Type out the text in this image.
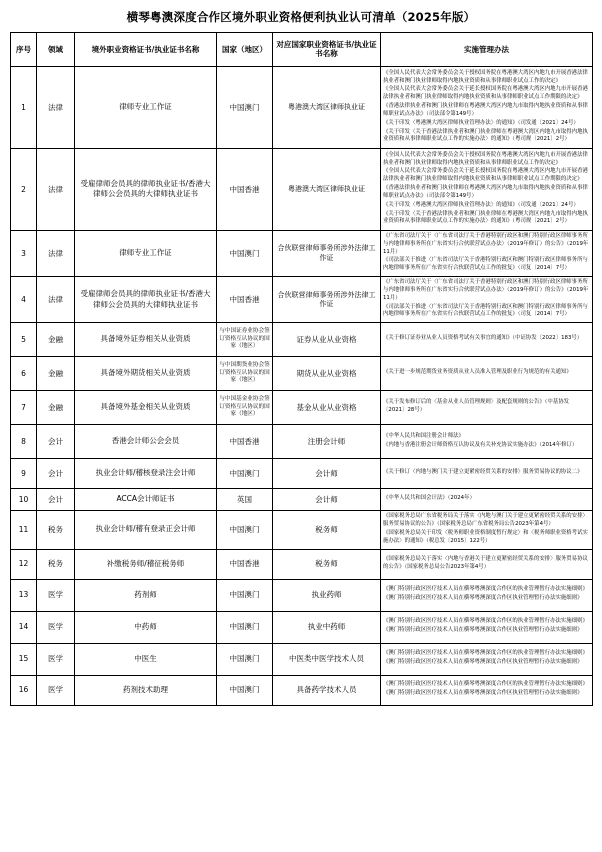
横琴粤澳深度合作区境外职业资格便利执业认可清单（2025年版）
序号	领域	境外职业资格证书/执业证书名称	国家（地区）	对应国家职业资格证书/执业证书名称	实施管理办法
1	法律	律师专业工作证	中国澳门	粤港澳大湾区律师执业证	《全国人民代表大会常务委员会关于授权国务院在粤港澳大湾区内地九市开展香港法律执业者和澳门执业律师取得内地执业资质和从事律师职业试点工作的决定》

《全国人民代表大会常务委员会关于延长授权国务院在粤港澳大湾区内地九市开展香港法律执业者和澳门执业律师取得内地执业资质和从事律师职业试点工作期限的决定》

《香港法律执业者和澳门执业律师在粤港澳大湾区内地九市取得内地执业资质和从事律师职业试点办法》（司法部令第149号）

《关于印发〈粤港澳大湾区律师执业管理办法〉的通知》（司发通〔2021〕24号）

《关于印发〈关于香港法律执业者和澳门执业律师在粤港澳大湾区内地九市取得内地执业资质和从事律师职业试点工作的实施办法〉的通知》（粤司规〔2021〕2号）

2	法律	受雇律师会员具的律师执业证书/香港大律师公会员具的大律师执业证书	中国香港	粤港澳大湾区律师执业证	《全国人民代表大会常务委员会关于授权国务院在粤港澳大湾区内地九市开展香港法律执业者和澳门执业律师取得内地执业资质和从事律师职业试点工作的决定》

《全国人民代表大会常务委员会关于延长授权国务院在粤港澳大湾区内地九市开展香港法律执业者和澳门执业律师取得内地执业资质和从事律师职业试点工作期限的决定》

《香港法律执业者和澳门执业律师在粤港澳大湾区内地九市取得内地执业资质和从事律师职业试点办法》（司法部令第149号）

《关于印发〈粤港澳大湾区律师执业管理办法〉的通知》（司发通〔2021〕24号）

《关于印发〈关于香港法律执业者和澳门执业律师在粤港澳大湾区内地九市取得内地执业资质和从事律师职业试点工作的实施办法〉的通知》（粤司规〔2021〕2号）

3	法律	律师专业工作证	中国澳门	合伙联营律师事务所涉外法律工作证	《广东省司法厅关于〈广东省司法厅关于香港特别行政区和澳门特别行政区律师事务所与内地律师事务所在广东省实行合伙联营试点办法〉（2019年修订）的公告》（2019年11月）

《司法部关于推进〈广东省司法厅关于香港特别行政区和澳门特别行政区律师事务所与内地律师事务所在广东省实行合伙联营试点工作的批复》（司复〔2014〕7号）

4	法律	受雇律师会员具的律师执业证书/香港大律师公会员具的大律师执业证书	中国香港	合伙联营律师事务所涉外法律工作证	《广东省司法厅关于〈广东省司法厅关于香港特别行政区和澳门特别行政区律师事务所与内地律师事务所在广东省实行合伙联营试点办法〉（2019年修订）的公告》（2019年11月）

《司法部关于推进〈广东省司法厅关于香港特别行政区和澳门特别行政区律师事务所与内地律师事务所在广东省实行合伙联营试点工作的批复》（司复〔2014〕7号）

5	金融	具备境外证券相关从业资质	与中国证券业协会签订资格互认协议的国家（地区）	证券从业从业资格	《关于修订证券业从业人员资格考试有关事宜的通知》（中证协发〔2022〕183号）

6	金融	具备境外期货相关从业资质	与中国期货业协会签订资格互认协议的国家（地区）	期货从业从业资格	《关于进一步规范期货业务资质从业人员准入管理及职业行为规范的有关通知》

7	金融	具备境外基金相关从业资质	与中国基金业协会签订资格互认协议的国家（地区）	基金从业从业资格	《关于发布修订后的〈基金从业人员管理规则〉及配套规则的公告》（中基协发〔2021〕28号）

8	会计	香港会计师公会会员	中国香港	注册会计师	《中华人民共和国注册会计师法》

《内地与香港注册会计师资格互认协议及有关补充协议实施办法》（2014年修订）

9	会计	执业会计师/稽核登录注会计师	中国澳门	会计师	《关于修订〈内地与澳门关于建立更紧密经贸关系的安排〉服务贸易协议的协议二》

10	会计	ACCA会计师证书	英国	会计师	《中华人民共和国会计法》（2024年）

11	税务	执业会计师/稽有登录正会计师	中国澳门	税务师	《国家税务总局广东省税务局关于落实〈内地与澳门关于建立更紧密经贸关系的安排〉服务贸易协议的公告》（国家税务总局广东省税务局公告2023年第4号）

《国家税务总局关于印发〈税务师职业资格制度暂行规定〉和〈税务师职业资格考试实施办法〉的通知》（税总发〔2015〕122号）

12	税务	补缴税务师/稽征税务师	中国香港	税务师	《国家税务总局关于落实〈内地与香港关于建立更紧密经贸关系的安排〉服务贸易协议的公告》（国家税务总局公告2023年第4号）

13	医学	药剂师	中国澳门	执业药师	《澳门特别行政区医疗技术人员在横琴粤澳深度合作区的执业管理暂行办法实施细则》

《澳门特别行政区医疗技术人员在横琴粤澳深度合作区执业管理暂行办法实施细则》

14	医学	中药师	中国澳门	执业中药师	《澳门特别行政区医疗技术人员在横琴粤澳深度合作区的执业管理暂行办法实施细则》

《澳门特别行政区医疗技术人员在横琴粤澳深度合作区执业管理暂行办法实施细则》

15	医学	中医生	中国澳门	中医类中医学技术人员	《澳门特别行政区医疗技术人员在横琴粤澳深度合作区的执业管理暂行办法实施细则》

《澳门特别行政区医疗技术人员在横琴粤澳深度合作区执业管理暂行办法实施细则》

16	医学	药剂技术助理	中国澳门	具备药学技术人员	《澳门特别行政区医疗技术人员在横琴粤澳深度合作区的执业管理暂行办法实施细则》

《澳门特别行政区医疗技术人员在横琴粤澳深度合作区执业管理暂行办法实施细则》
